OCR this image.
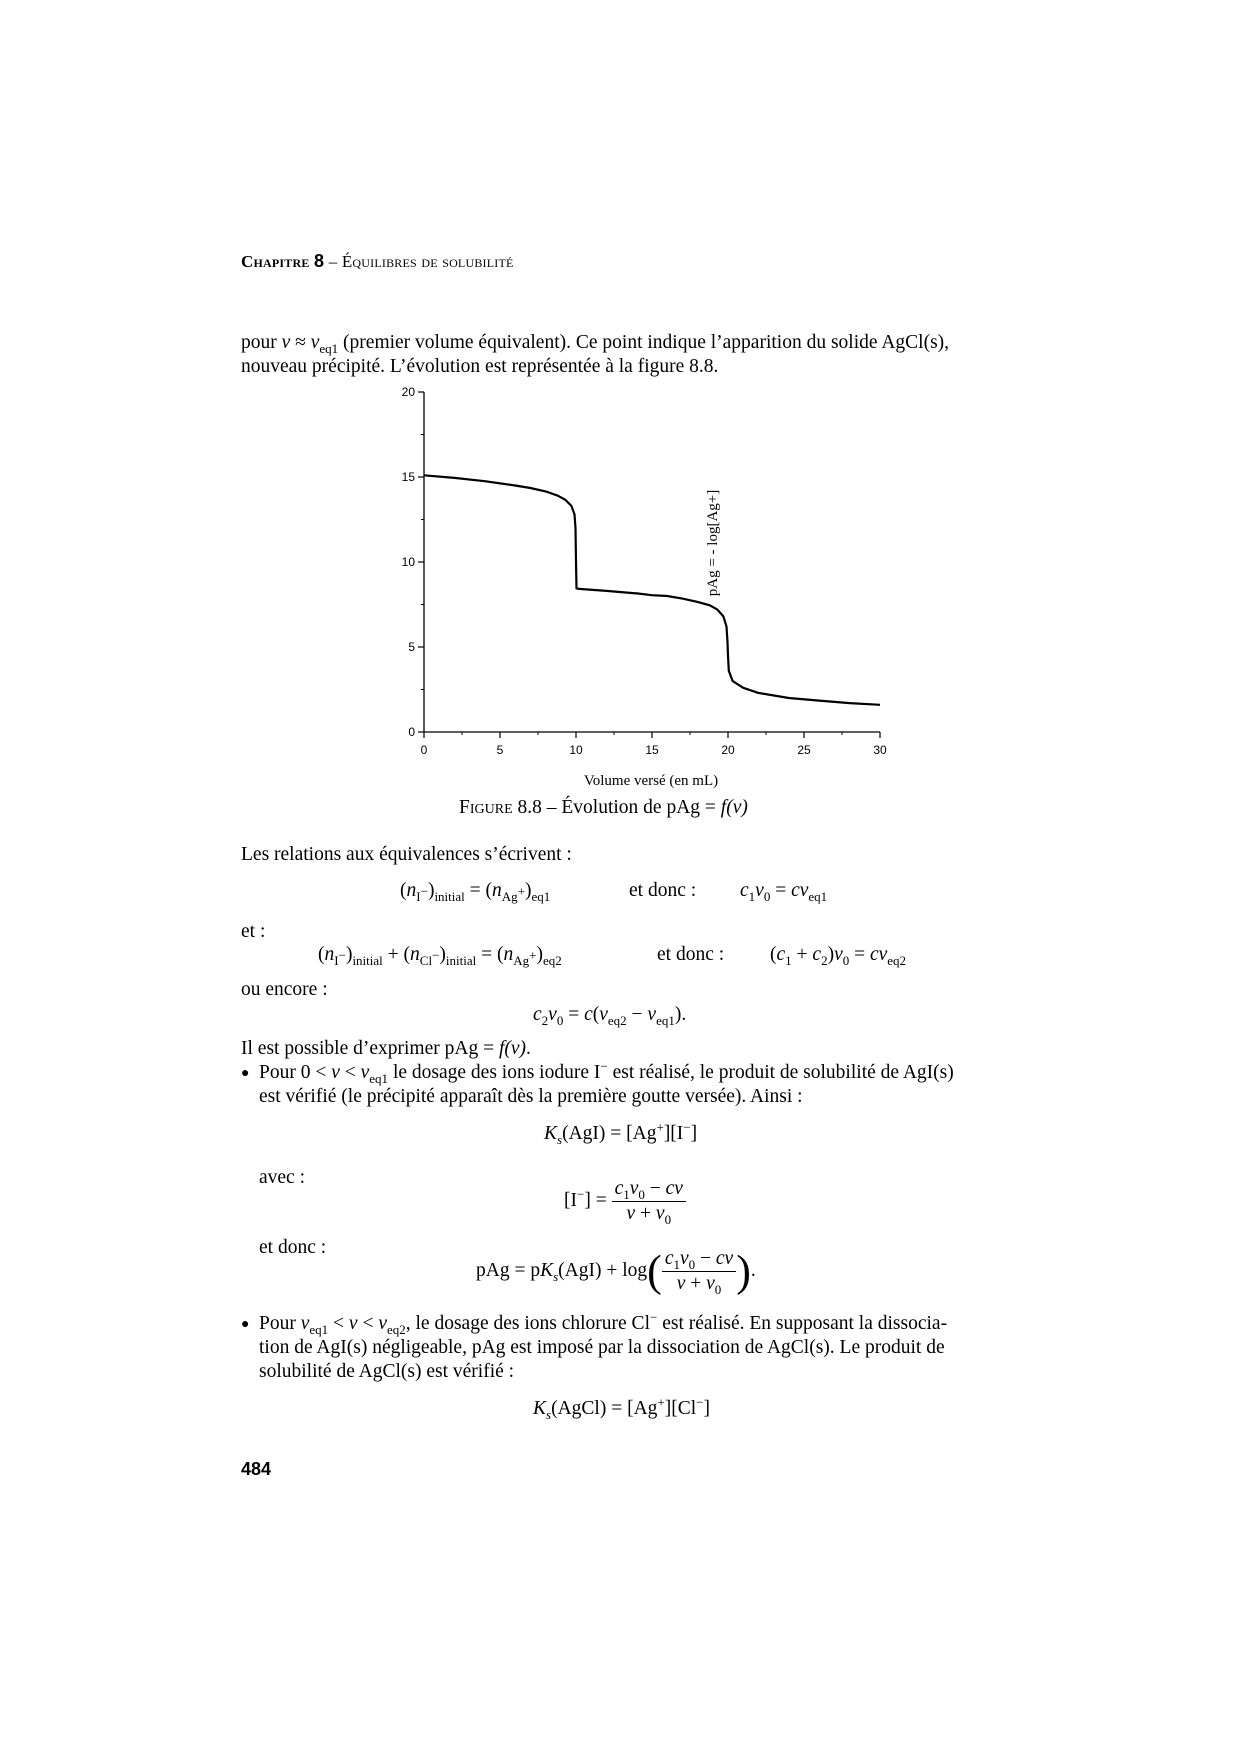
Chapitre 8 – Équilibres de solubilité
pour $v \approx v_{eq1}$ (premier volume équivalent). Ce point indique l’apparition du solide AgCl(s),
nouveau précipité. L’évolution est représentée à la figure 8.8.
0	5	10	15	20	25	30
0
5
10
15
20
Volume versé (en mL)
pAg = - log[Ag+]
Figure 8.8 – Évolution de pAg = f(v)
Les relations aux équivalences s’écrivent :
$(n_{I^-})_{initial} = (n_{Ag^+})_{eq1}$	et donc : $c_1v_0 = cv_{eq1}$
et :
$(n_{I^-})_{initial} + (n_{Cl^-})_{initial} = (n_{Ag^+})_{eq2}$	et donc : $(c_1 + c_2)v_0 = cv_{eq2}$
ou encore :
$c_2v_0 = c(v_{eq2} - v_{eq1})$.
Il est possible d’exprimer pAg = f(v).
● Pour $0 < v < v_{eq1}$ le dosage des ions iodure I− est réalisé, le produit de solubilité de AgI(s)
est vérifié (le précipité apparaît dès la première goutte versée). Ainsi :
$K_s(AgI) = [Ag^+][I^-]$
avec :
$[I^-] = \frac{c_1v_0 - cv}{v + v_0}$
et donc :
pAg = $pK_s(AgI) + \log( \frac{c_1v_0 - cv}{v + v_0}$ ).
● Pour $v_{eq1} < v < v_{eq2}$, le dosage des ions chlorure Cl− est réalisé. En supposant la dissocia-
tion de AgI(s) négligeable, pAg est imposé par la dissociation de AgCl(s). Le produit de
solubilité de AgCl(s) est vérifié :
$K_s(AgCl) = [Ag^+][Cl^-]$
484
